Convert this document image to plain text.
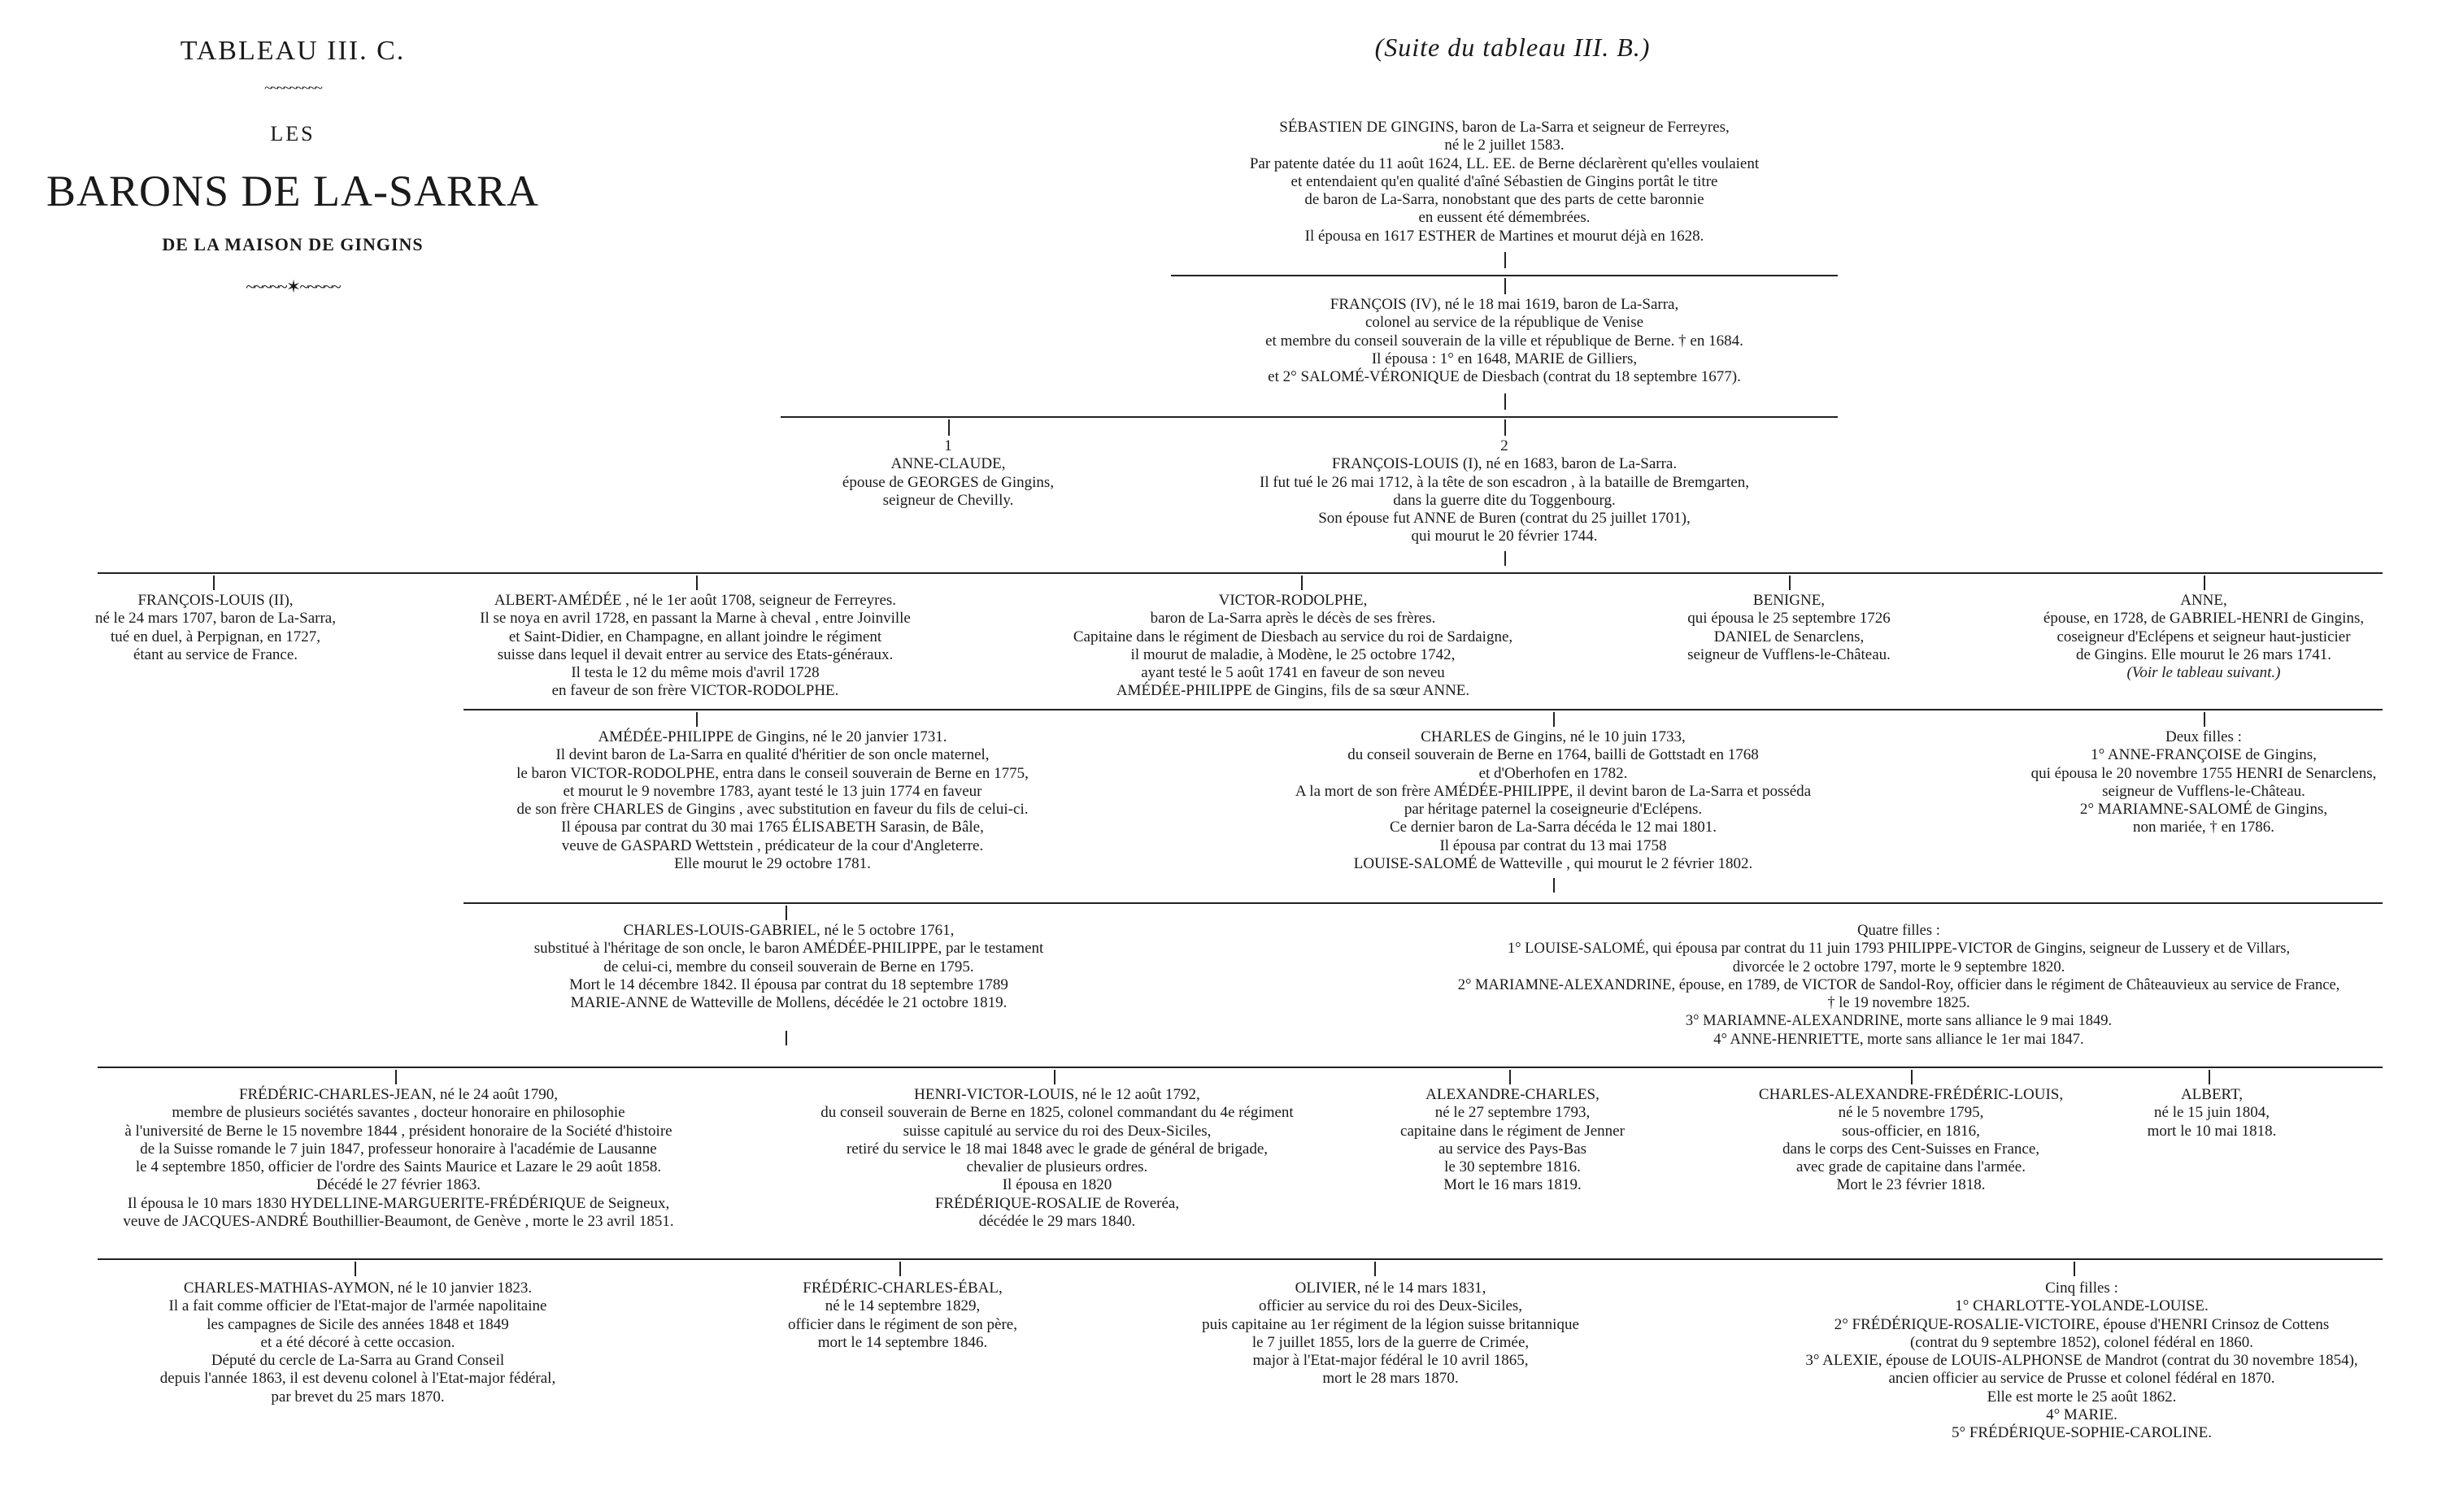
TABLEAU III. C.
~~~~~~~~~
LES
BARONS DE LA-SARRA
DE LA MAISON DE GINGINS
~~~~~✶~~~~~
(Suite du tableau III. B.)
SÉBASTIEN DE GINGINS, baron de La-Sarra et seigneur de Ferreyres,
né le 2 juillet 1583.
Par patente datée du 11 août 1624, LL. EE. de Berne déclarèrent qu'elles voulaient
et entendaient qu'en qualité d'aîné Sébastien de Gingins portât le titre
de baron de La-Sarra, nonobstant que des parts de cette baronnie
en eussent été démembrées.
Il épousa en 1617 ESTHER de Martines et mourut déjà en 1628.
FRANÇOIS (IV), né le 18 mai 1619, baron de La-Sarra,
colonel au service de la république de Venise
et membre du conseil souverain de la ville et république de Berne. † en 1684.
Il épousa : 1° en 1648, MARIE de Gilliers,
et 2° SALOMÉ-VÉRONIQUE de Diesbach (contrat du 18 septembre 1677).
1
ANNE-CLAUDE,
épouse de GEORGES de Gingins,
seigneur de Chevilly.
2
FRANÇOIS-LOUIS (I), né en 1683, baron de La-Sarra.
Il fut tué le 26 mai 1712, à la tête de son escadron , à la bataille de Bremgarten,
dans la guerre dite du Toggenbourg.
Son épouse fut ANNE de Buren (contrat du 25 juillet 1701),
qui mourut le 20 février 1744.
FRANÇOIS-LOUIS (II),
né le 24 mars 1707, baron de La-Sarra,
tué en duel, à Perpignan, en 1727,
étant au service de France.
ALBERT-AMÉDÉE , né le 1er août 1708, seigneur de Ferreyres.
Il se noya en avril 1728, en passant la Marne à cheval , entre Joinville
et Saint-Didier, en Champagne, en allant joindre le régiment
suisse dans lequel il devait entrer au service des Etats-généraux.
Il testa le 12 du même mois d'avril 1728
en faveur de son frère VICTOR-RODOLPHE.
VICTOR-RODOLPHE,
baron de La-Sarra après le décès de ses frères.
Capitaine dans le régiment de Diesbach au service du roi de Sardaigne,
il mourut de maladie, à Modène, le 25 octobre 1742,
ayant testé le 5 août 1741 en faveur de son neveu
AMÉDÉE-PHILIPPE de Gingins, fils de sa sœur ANNE.
BENIGNE,
qui épousa le 25 septembre 1726
DANIEL de Senarclens,
seigneur de Vufflens-le-Château.
ANNE,
épouse, en 1728, de GABRIEL-HENRI de Gingins,
coseigneur d'Eclépens et seigneur haut-justicier
de Gingins. Elle mourut le 26 mars 1741.
(Voir le tableau suivant.)
AMÉDÉE-PHILIPPE de Gingins, né le 20 janvier 1731.
Il devint baron de La-Sarra en qualité d'héritier de son oncle maternel,
le baron VICTOR-RODOLPHE, entra dans le conseil souverain de Berne en 1775,
et mourut le 9 novembre 1783, ayant testé le 13 juin 1774 en faveur
de son frère CHARLES de Gingins , avec substitution en faveur du fils de celui-ci.
Il épousa par contrat du 30 mai 1765 ÉLISABETH Sarasin, de Bâle,
veuve de GASPARD Wettstein , prédicateur de la cour d'Angleterre.
Elle mourut le 29 octobre 1781.
CHARLES de Gingins, né le 10 juin 1733,
du conseil souverain de Berne en 1764, bailli de Gottstadt en 1768
et d'Oberhofen en 1782.
A la mort de son frère AMÉDÉE-PHILIPPE, il devint baron de La-Sarra et posséda
par héritage paternel la coseigneurie d'Eclépens.
Ce dernier baron de La-Sarra décéda le 12 mai 1801.
Il épousa par contrat du 13 mai 1758
LOUISE-SALOMÉ de Watteville , qui mourut le 2 février 1802.
Deux filles :
1° ANNE-FRANÇOISE de Gingins,
qui épousa le 20 novembre 1755 HENRI de Senarclens,
seigneur de Vufflens-le-Château.
2° MARIAMNE-SALOMÉ de Gingins,
non mariée, † en 1786.
CHARLES-LOUIS-GABRIEL, né le 5 octobre 1761,
substitué à l'héritage de son oncle, le baron AMÉDÉE-PHILIPPE, par le testament
de celui-ci, membre du conseil souverain de Berne en 1795.
Mort le 14 décembre 1842. Il épousa par contrat du 18 septembre 1789
MARIE-ANNE de Watteville de Mollens, décédée le 21 octobre 1819.
Quatre filles :
1° LOUISE-SALOMÉ, qui épousa par contrat du 11 juin 1793 PHILIPPE-VICTOR de Gingins, seigneur de Lussery et de Villars,
divorcée le 2 octobre 1797, morte le 9 septembre 1820.
2° MARIAMNE-ALEXANDRINE, épouse, en 1789, de VICTOR de Sandol-Roy, officier dans le régiment de Châteauvieux au service de France,
† le 19 novembre 1825.
3° MARIAMNE-ALEXANDRINE, morte sans alliance le 9 mai 1849.
4° ANNE-HENRIETTE, morte sans alliance le 1er mai 1847.
FRÉDÉRIC-CHARLES-JEAN, né le 24 août 1790,
membre de plusieurs sociétés savantes , docteur honoraire en philosophie
à l'université de Berne le 15 novembre 1844 , président honoraire de la Société d'histoire
de la Suisse romande le 7 juin 1847, professeur honoraire à l'académie de Lausanne
le 4 septembre 1850, officier de l'ordre des Saints Maurice et Lazare le 29 août 1858.
Décédé le 27 février 1863.
Il épousa le 10 mars 1830 HYDELLINE-MARGUERITE-FRÉDÉRIQUE de Seigneux,
veuve de JACQUES-ANDRÉ Bouthillier-Beaumont, de Genève , morte le 23 avril 1851.
HENRI-VICTOR-LOUIS, né le 12 août 1792,
du conseil souverain de Berne en 1825, colonel commandant du 4e régiment
suisse capitulé au service du roi des Deux-Siciles,
retiré du service le 18 mai 1848 avec le grade de général de brigade,
chevalier de plusieurs ordres.
Il épousa en 1820
FRÉDÉRIQUE-ROSALIE de Roveréa,
décédée le 29 mars 1840.
ALEXANDRE-CHARLES,
né le 27 septembre 1793,
capitaine dans le régiment de Jenner
au service des Pays-Bas
le 30 septembre 1816.
Mort le 16 mars 1819.
CHARLES-ALEXANDRE-FRÉDÉRIC-LOUIS,
né le 5 novembre 1795,
sous-officier, en 1816,
dans le corps des Cent-Suisses en France,
avec grade de capitaine dans l'armée.
Mort le 23 février 1818.
ALBERT,
né le 15 juin 1804,
mort le 10 mai 1818.
CHARLES-MATHIAS-AYMON, né le 10 janvier 1823.
Il a fait comme officier de l'Etat-major de l'armée napolitaine
les campagnes de Sicile des années 1848 et 1849
et a été décoré à cette occasion.
Député du cercle de La-Sarra au Grand Conseil
depuis l'année 1863, il est devenu colonel à l'Etat-major fédéral,
par brevet du 25 mars 1870.
FRÉDÉRIC-CHARLES-ÉBAL,
né le 14 septembre 1829,
officier dans le régiment de son père,
mort le 14 septembre 1846.
OLIVIER, né le 14 mars 1831,
officier au service du roi des Deux-Siciles,
puis capitaine au 1er régiment de la légion suisse britannique
le 7 juillet 1855, lors de la guerre de Crimée,
major à l'Etat-major fédéral le 10 avril 1865,
mort le 28 mars 1870.
Cinq filles :
1° CHARLOTTE-YOLANDE-LOUISE.
2° FRÉDÉRIQUE-ROSALIE-VICTOIRE, épouse d'HENRI Crinsoz de Cottens
(contrat du 9 septembre 1852), colonel fédéral en 1860.
3° ALEXIE, épouse de LOUIS-ALPHONSE de Mandrot (contrat du 30 novembre 1854),
ancien officier au service de Prusse et colonel fédéral en 1870.
Elle est morte le 25 août 1862.
4° MARIE.
5° FRÉDÉRIQUE-SOPHIE-CAROLINE.
